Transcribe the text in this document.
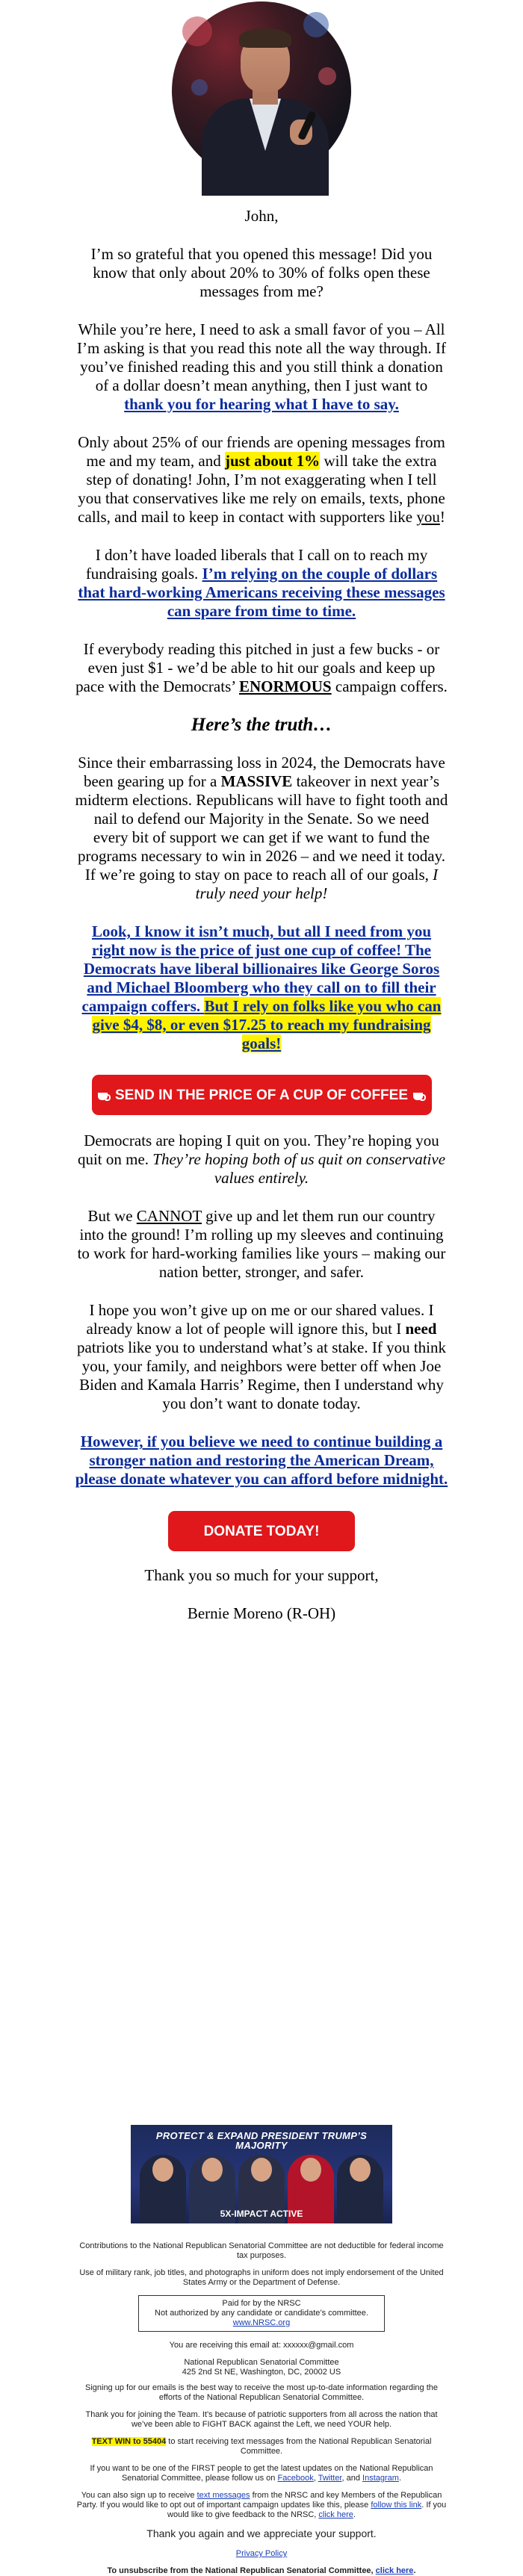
John,

I’m so grateful that you opened this message! Did you know that only about 20% to 30% of folks open these messages from me?

While you’re here, I need to ask a small favor of you – All I’m asking is that you read this note all the way through. If you’ve finished reading this and you still think a donation of a dollar doesn’t mean anything, then I just want to thank you for hearing what I have to say.

Only about 25% of our friends are opening messages from me and my team, and just about 1% will take the extra step of donating! John, I’m not exaggerating when I tell you that conservatives like me rely on emails, texts, phone calls, and mail to keep in contact with supporters like you!

I don’t have loaded liberals that I call on to reach my fundraising goals. I’m relying on the couple of dollars that hard-working Americans receiving these messages can spare from time to time.

If everybody reading this pitched in just a few bucks - or even just $1 - we’d be able to hit our goals and keep up pace with the Democrats’ ENORMOUS campaign coffers.

Here’s the truth…

Since their embarrassing loss in 2024, the Democrats have been gearing up for a MASSIVE takeover in next year’s midterm elections. Republicans will have to fight tooth and nail to defend our Majority in the Senate. So we need every bit of support we can get if we want to fund the programs necessary to win in 2026 – and we need it today. If we’re going to stay on pace to reach all of our goals, I truly need your help!

Look, I know it isn’t much, but all I need from you right now is the price of just one cup of coffee! The Democrats have liberal billionaires like George Soros and Michael Bloomberg who they call on to fill their campaign coffers. But I rely on folks like you who can give $4, $8, or even $17.25 to reach my fundraising goals!

SEND IN THE PRICE OF A CUP OF COFFEE

Democrats are hoping I quit on you. They’re hoping you quit on me. They’re hoping both of us quit on conservative values entirely.

But we CANNOT give up and let them run our country into the ground! I’m rolling up my sleeves and continuing to work for hard-working families like yours – making our nation better, stronger, and safer.

I hope you won’t give up on me or our shared values. I already know a lot of people will ignore this, but I need patriots like you to understand what’s at stake. If you think you, your family, and neighbors were better off when Joe Biden and Kamala Harris’ Regime, then I understand why you don’t want to donate today.

However, if you believe we need to continue building a stronger nation and restoring the American Dream, please donate whatever you can afford before midnight.

DONATE TODAY!

Thank you so much for your support,

Bernie Moreno (R-OH)

PROTECT & EXPAND PRESIDENT TRUMP’S MAJORITY
5X-IMPACT ACTIVE

Contributions to the National Republican Senatorial Committee are not deductible for federal income tax purposes.

Use of military rank, job titles, and photographs in uniform does not imply endorsement of the United States Army or the Department of Defense.

Paid for by the NRSC

Not authorized by any candidate or candidate’s committee.

www.NRSC.org

You are receiving this email at: xxxxxx@gmail.com

National Republican Senatorial Committee

425 2nd St NE, Washington, DC, 20002 US

Signing up for our emails is the best way to receive the most up-to-date information regarding the efforts of the National Republican Senatorial Committee.

Thank you for joining the Team. It’s because of patriotic supporters from all across the nation that we’ve been able to FIGHT BACK against the Left, we need YOUR help.

TEXT WIN to 55404 to start receiving text messages from the National Republican Senatorial Committee.

If you want to be one of the FIRST people to get the latest updates on the National Republican Senatorial Committee, please follow us on Facebook, Twitter, and Instagram.

You can also sign up to receive text messages from the NRSC and key Members of the Republican Party. If you would like to opt out of important campaign updates like this, please follow this link. If you would like to give feedback to the NRSC, click here.

Thank you again and we appreciate your support.

Privacy Policy

To unsubscribe from the National Republican Senatorial Committee, click here.
